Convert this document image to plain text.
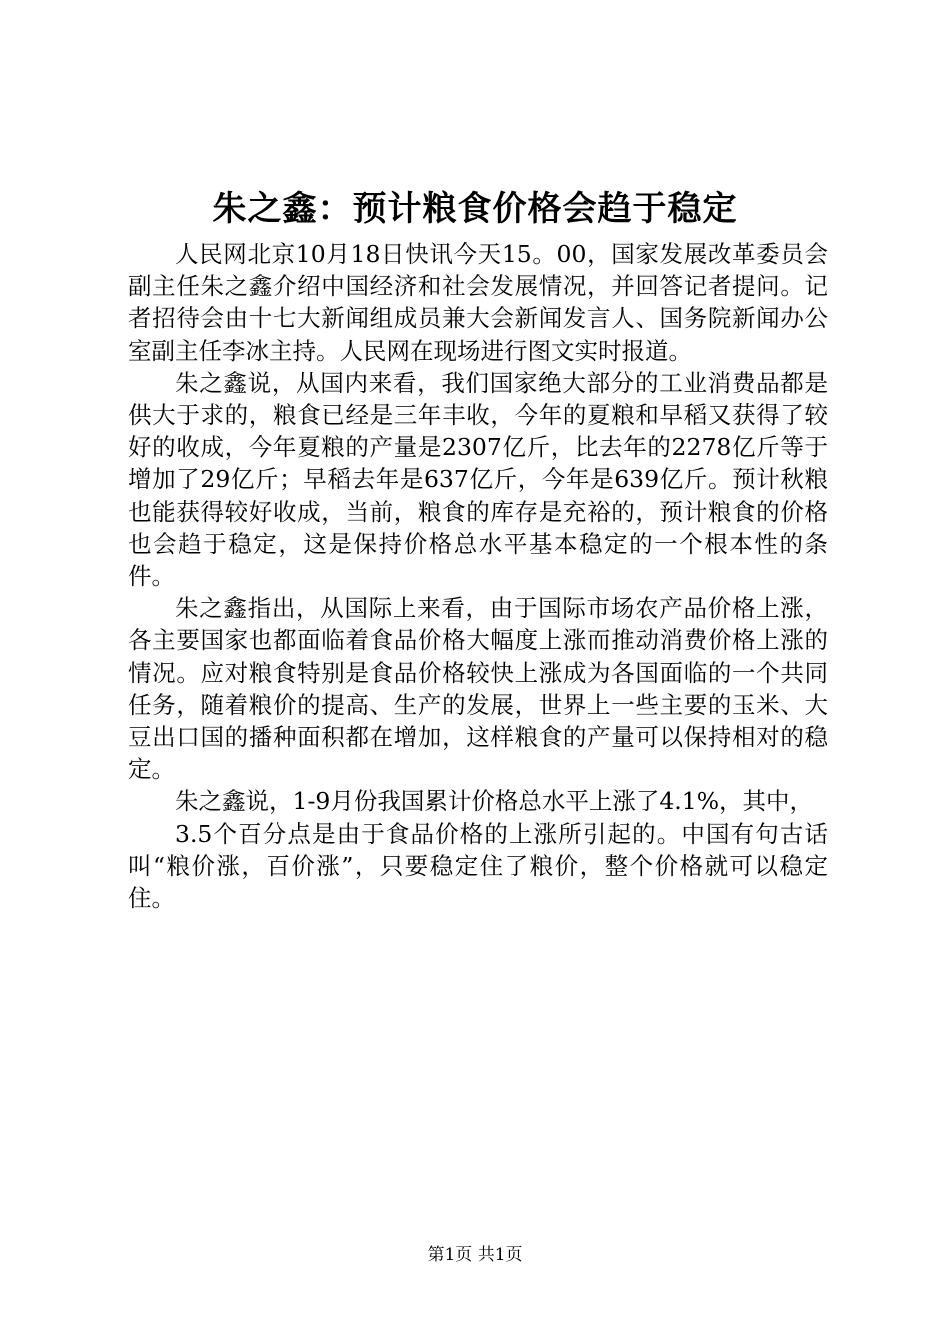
朱之鑫：预计粮食价格会趋于稳定

人民网北京10月18日快讯今天15。00，国家发展改革委员会副主任朱之鑫介绍中国经济和社会发展情况，并回答记者提问。记者招待会由十七大新闻组成员兼大会新闻发言人、国务院新闻办公室副主任李冰主持。人民网在现场进行图文实时报道。

朱之鑫说，从国内来看，我们国家绝大部分的工业消费品都是供大于求的，粮食已经是三年丰收，今年的夏粮和早稻又获得了较好的收成，今年夏粮的产量是2307亿斤，比去年的2278亿斤等于增加了29亿斤；早稻去年是637亿斤，今年是639亿斤。预计秋粮也能获得较好收成，当前，粮食的库存是充裕的，预计粮食的价格也会趋于稳定，这是保持价格总水平基本稳定的一个根本性的条件。

朱之鑫指出，从国际上来看，由于国际市场农产品价格上涨，各主要国家也都面临着食品价格大幅度上涨而推动消费价格上涨的情况。应对粮食特别是食品价格较快上涨成为各国面临的一个共同任务，随着粮价的提高、生产的发展，世界上一些主要的玉米、大豆出口国的播种面积都在增加，这样粮食的产量可以保持相对的稳定。

朱之鑫说，1-9月份我国累计价格总水平上涨了4.1%，其中，

3.5个百分点是由于食品价格的上涨所引起的。中国有句古话叫“粮价涨，百价涨”，只要稳定住了粮价，整个价格就可以稳定住。

第1页 共1页
